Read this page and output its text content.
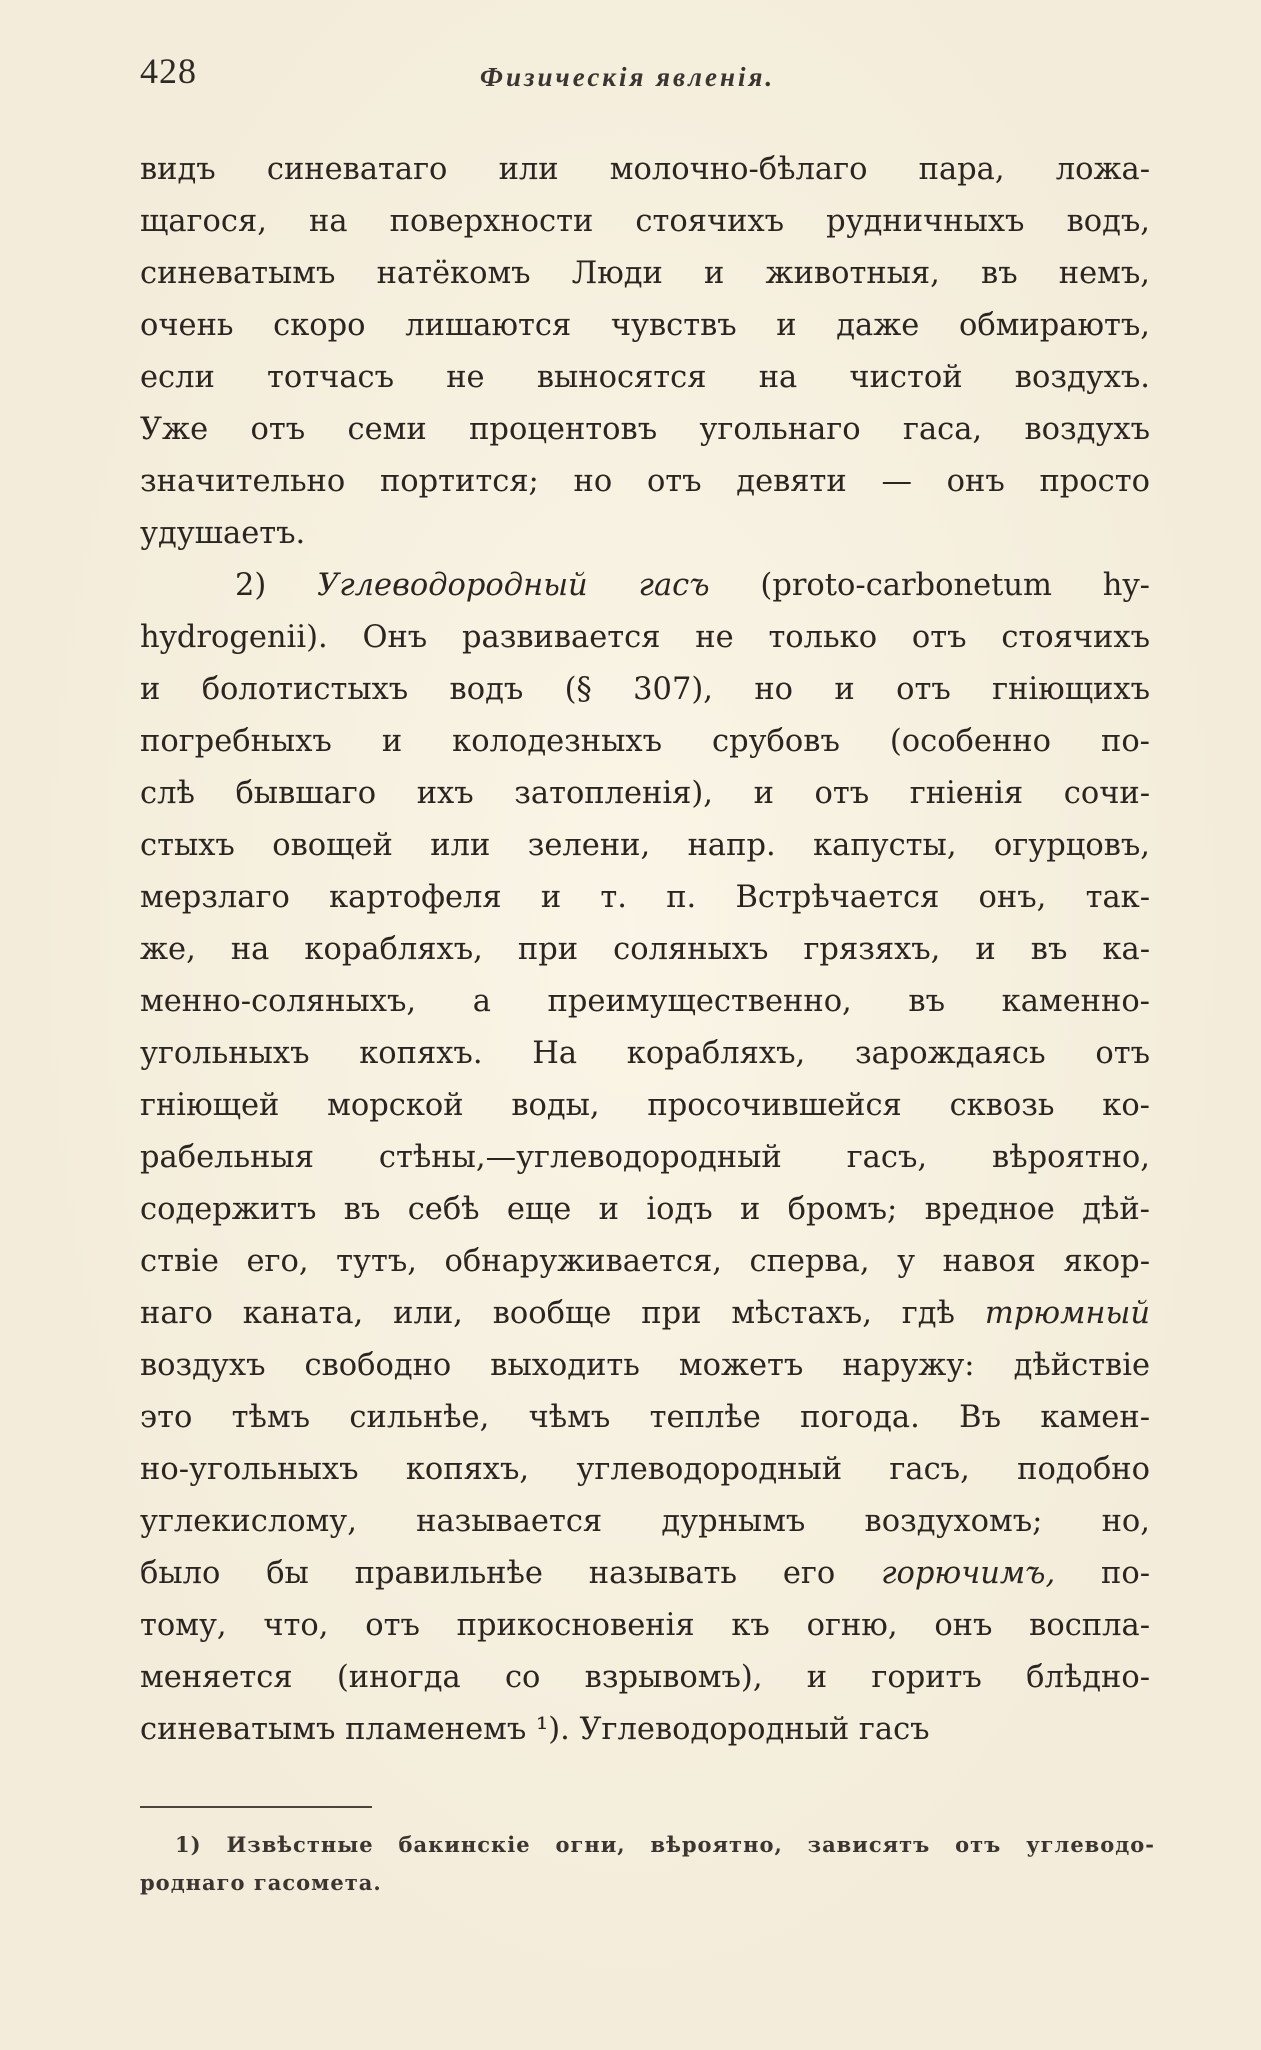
428	Физическія явленія.
видъ синеватаго или молочно-бѣлаго пара, ложа-
щагося, на поверхности стоячихъ рудничныхъ водъ,
синеватымъ натёкомъ Люди и животныя, въ немъ,
очень скоро лишаются чувствъ и даже обмираютъ,
если тотчасъ не выносятся на чистой воздухъ.
Уже отъ семи процентовъ угольнаго гаса, воздухъ
значительно портится; но отъ девяти — онъ просто
удушаетъ.
2) Углеводородный гасъ (proto-carbonetum hy-
hydrogenii). Онъ развивается не только отъ стоячихъ
и болотистыхъ водъ (§ 307), но и отъ гніющихъ
погребныхъ и колодезныхъ срубовъ (особенно по-
слѣ бывшаго ихъ затопленія), и отъ гніенія сочи-
стыхъ овощей или зелени, напр. капусты, огурцовъ,
мерзлаго картофеля и т. п. Встрѣчается онъ, так-
же, на корабляхъ, при соляныхъ грязяхъ, и въ ка-
менно-соляныхъ, а преимущественно, въ каменно-
угольныхъ копяхъ. На корабляхъ, зарождаясь отъ
гніющей морской воды, просочившейся сквозь ко-
рабельныя стѣны,—углеводородный гасъ, вѣроятно,
содержитъ въ себѣ еще и іодъ и бромъ; вредное дѣй-
ствіе его, тутъ, обнаруживается, сперва, у навоя якор-
наго каната, или, вообще при мѣстахъ, гдѣ трюмный
воздухъ свободно выходить можетъ наружу: дѣйствіе
это тѣмъ сильнѣе, чѣмъ теплѣе погода. Въ камен-
но-угольныхъ копяхъ, углеводородный гасъ, подобно
углекислому, называется дурнымъ воздухомъ; но,
было бы правильнѣе называть его горючимъ, по-
тому, что, отъ прикосновенія къ огню, онъ воспла-
меняется (иногда со взрывомъ), и горитъ блѣдно-
синеватымъ пламенемъ ¹). Углеводородный гасъ
1) Извѣстные бакинскіе огни, вѣроятно, зависятъ отъ углеводо-
роднаго гасомета.
